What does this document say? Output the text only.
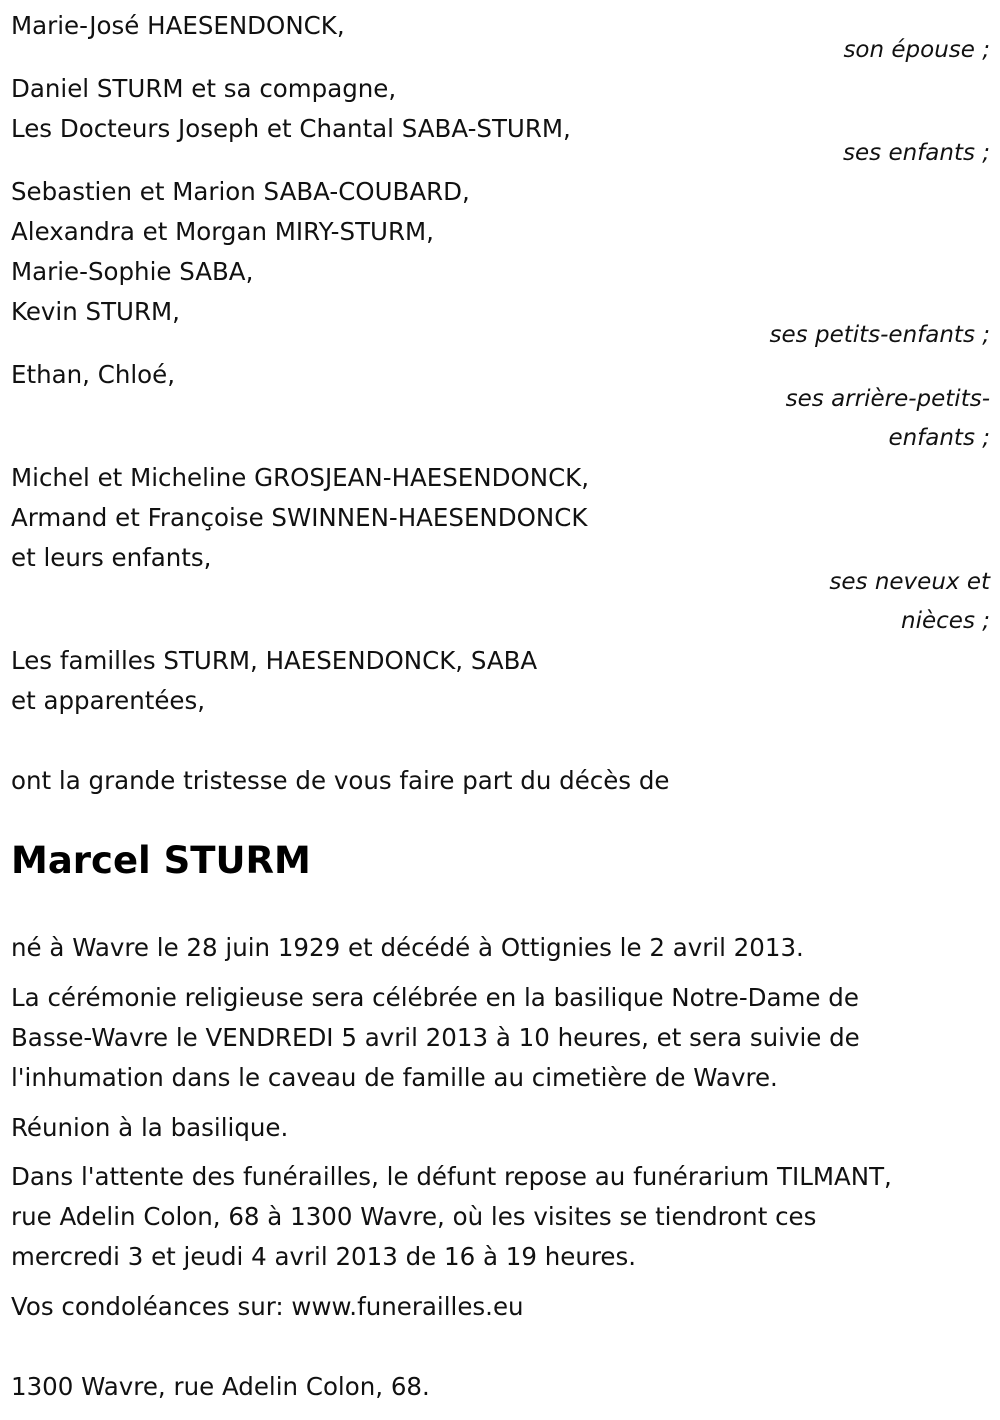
Marie-José HAESENDONCK,

son épouse ;

Daniel STURM et sa compagne,

Les Docteurs Joseph et Chantal SABA-STURM,

ses enfants ;

Sebastien et Marion SABA-COUBARD,

Alexandra et Morgan MIRY-STURM,

Marie-Sophie SABA,

Kevin STURM,

ses petits-enfants ;

Ethan, Chloé,

ses arrière-petits-
enfants ;

Michel et Micheline GROSJEAN-HAESENDONCK,

Armand et Françoise SWINNEN-HAESENDONCK

et leurs enfants,

ses neveux et
nièces ;

Les familles STURM, HAESENDONCK, SABA

et apparentées,

ont la grande tristesse de vous faire part du décès de

Marcel STURM

né à Wavre le 28 juin 1929 et décédé à Ottignies le 2 avril 2013.

La cérémonie religieuse sera célébrée en la basilique Notre-Dame de

Basse-Wavre le VENDREDI 5 avril 2013 à 10 heures, et sera suivie de

l'inhumation dans le caveau de famille au cimetière de Wavre.

Réunion à la basilique.

Dans l'attente des funérailles, le défunt repose au funérarium TILMANT,

rue Adelin Colon, 68 à 1300 Wavre, où les visites se tiendront ces

mercredi 3 et jeudi 4 avril 2013 de 16 à 19 heures.

Vos condoléances sur: www.funerailles.eu

1300 Wavre, rue Adelin Colon, 68.
